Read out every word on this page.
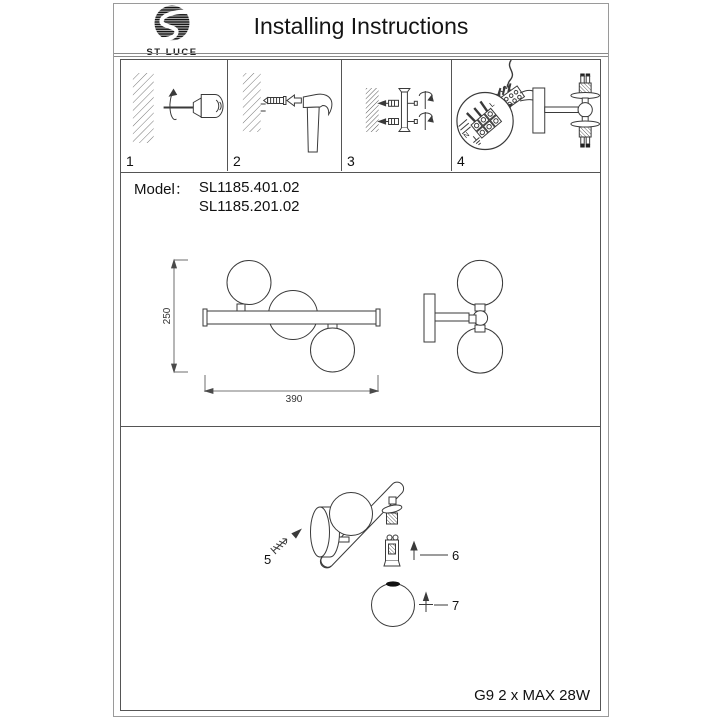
ST LUCE
Installing Instructions
1	2	3
L
N
4
Model： SL1185.401.02
SL1185.201.02
250
390
5	6
7
G9 2 x MAX 28W
